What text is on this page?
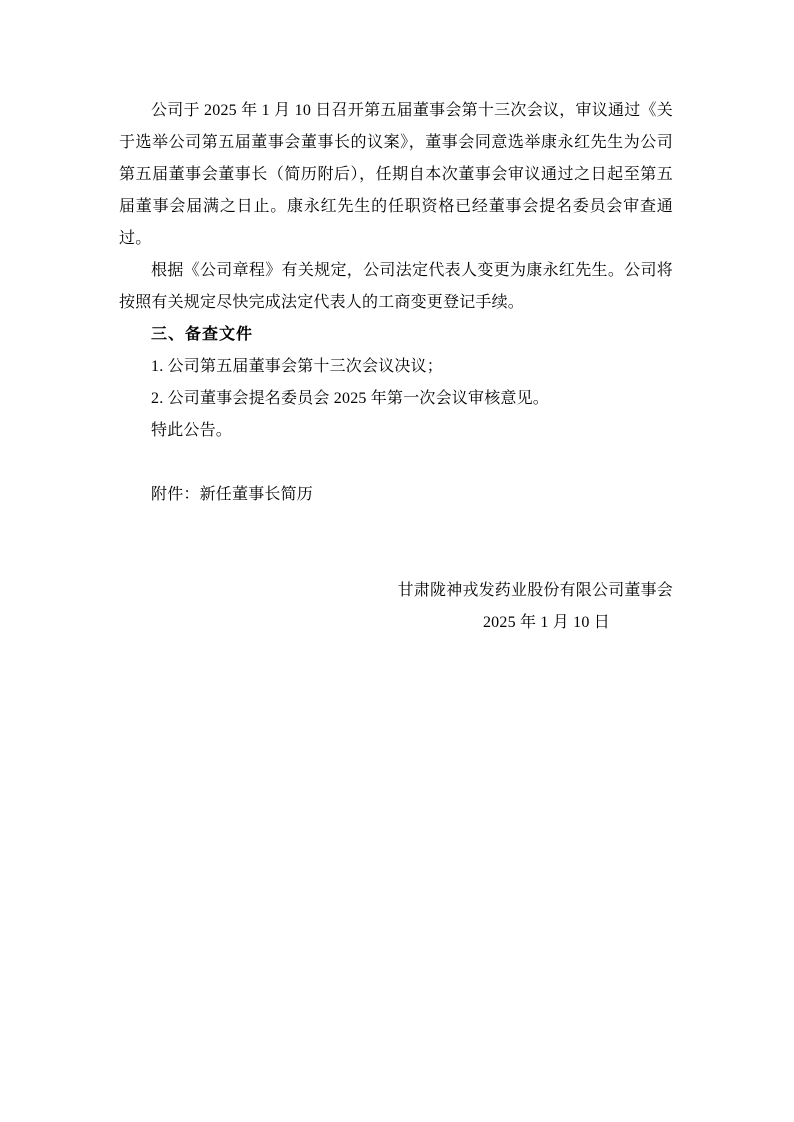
公司于 2025 年 1 月 10 日召开第五届董事会第十三次会议，审议通过《关于选举公司第五届董事会董事长的议案》，董事会同意选举康永红先生为公司第五届董事会董事长（简历附后），任期自本次董事会审议通过之日起至第五届董事会届满之日止。康永红先生的任职资格已经董事会提名委员会审查通过。

根据《公司章程》有关规定，公司法定代表人变更为康永红先生。公司将按照有关规定尽快完成法定代表人的工商变更登记手续。

三、备查文件

1. 公司第五届董事会第十三次会议决议；

2. 公司董事会提名委员会 2025 年第一次会议审核意见。

特此公告。

附件：新任董事长简历

甘肃陇神戎发药业股份有限公司董事会

2025 年 1 月 10 日
